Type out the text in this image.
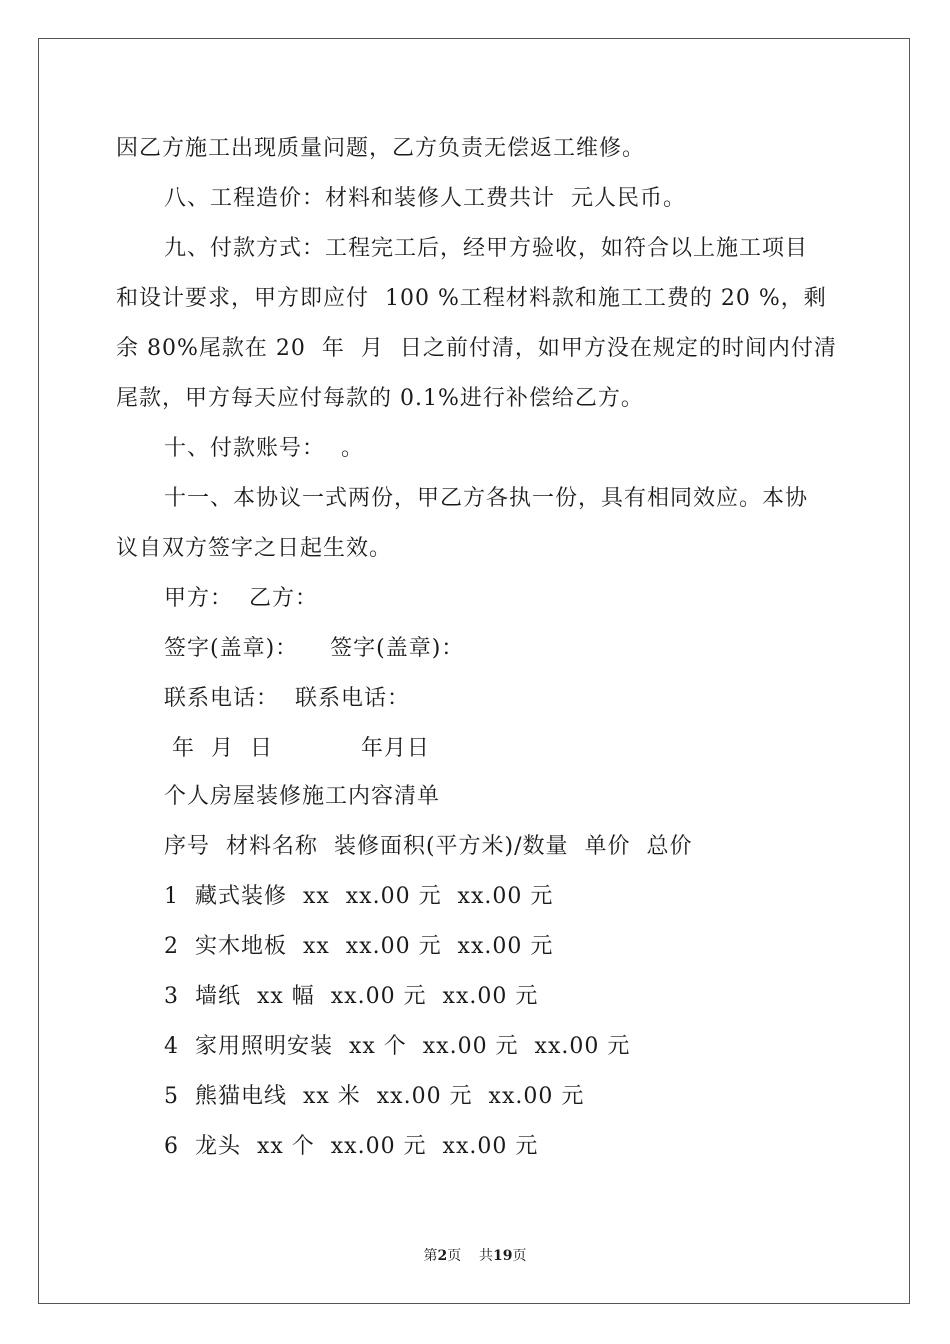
因乙方施工出现质量问题，乙方负责无偿返工维修。
八、工程造价：材料和装修人工费共计  元人民币。
九、付款方式：工程完工后，经甲方验收，如符合以上施工项目
和设计要求，甲方即应付  100 %工程材料款和施工工费的 20 %，剩
余 80%尾款在 20  年  月  日之前付清，如甲方没在规定的时间内付清
尾款，甲方每天应付每款的 0.1%进行补偿给乙方。
十、付款账号：  。
十一、本协议一式两份，甲乙方各执一份，具有相同效应。本协
议自双方签字之日起生效。
甲方：  乙方：
签字(盖章)：    签字(盖章)：
联系电话：  联系电话：
年  月  日           年月日
个人房屋装修施工内容清单
序号  材料名称  装修面积(平方米)/数量  单价  总价
1  藏式装修  xx  xx.00 元  xx.00 元
2  实木地板  xx  xx.00 元  xx.00 元
3  墙纸  xx 幅  xx.00 元  xx.00 元
4  家用照明安装  xx 个  xx.00 元  xx.00 元
5  熊猫电线  xx 米  xx.00 元  xx.00 元
6  龙头  xx 个  xx.00 元  xx.00 元
第2页    共19页
